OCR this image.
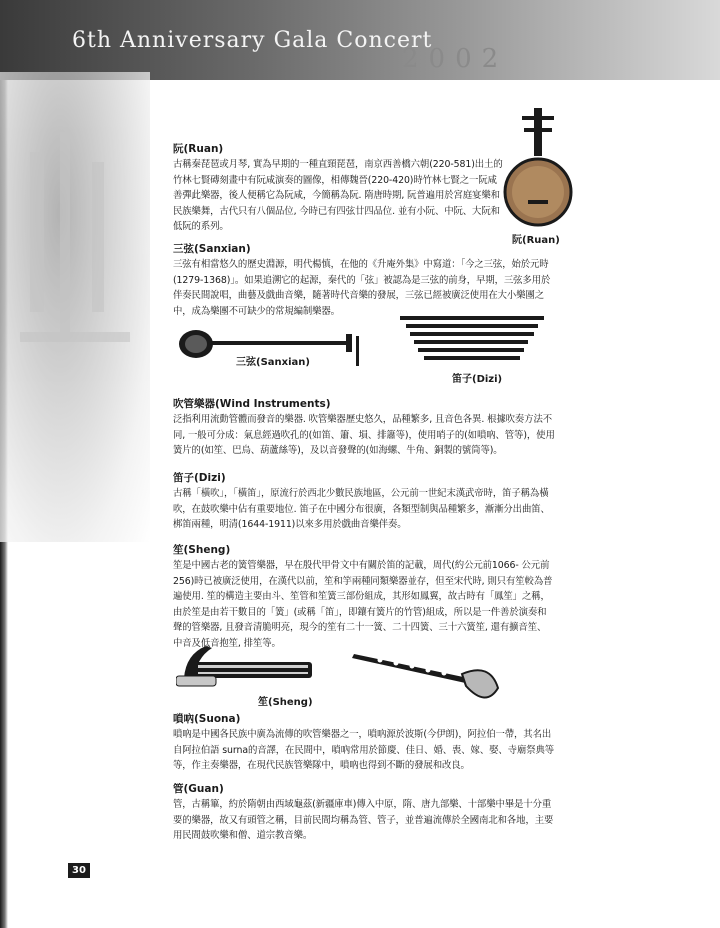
6th Anniversary Gala Concert
2002
阮(Ruan)
古稱秦琵琶或月琴, 實為早期的一種直頸琵琶，南京西善橋六朝(220-581)出土的竹林七賢磚刻畫中有阮咸演奏的圖像，相傳魏晉(220-420)時竹林七賢之一阮咸善彈此樂器，後人便稱它為阮咸，今簡稱為阮. 隋唐時期, 阮普遍用於宮庭宴樂和民族樂舞，古代只有八個品位, 今時已有四弦廿四品位. 並有小阮、中阮、大阮和低阮的系列。
阮(Ruan)
三弦(Sanxian)
三弦有相當悠久的歷史淵源，明代楊慎，在他的《升庵外集》中寫道：「今之三弦，始於元時(1279-1368)」。如果追溯它的起源，秦代的「弦」被認為是三弦的前身，早期，三弦多用於伴奏民間說唱，曲藝及戲曲音樂，隨著時代音樂的發展，三弦已經被廣泛使用在大小樂團之中，成為樂團不可缺少的常規編制樂器。
三弦(Sanxian)
笛子(Dizi)
吹管樂器(Wind Instruments)
泛指利用流動管體而發音的樂器. 吹管樂器歷史悠久，品種繁多, 且音色各異. 根據吹奏方法不同, 一般可分成：氣息經過吹孔的(如笛、簫、塤、排簫等)，使用哨子的(如嗩吶、管等)，使用簧片的(如笙、巴烏、葫蘆絲等)，及以音發聲的(如海螺、牛角、銅製的號筒等)。
笛子(Dizi)
古稱「橫吹」，「橫笛」，原流行於西北少數民族地區，公元前一世紀末漢武帝時，笛子稱為橫吹，在鼓吹樂中佔有重要地位. 笛子在中國分布很廣，各類型制與品種繁多，漸漸分出曲笛、梆笛兩種，明清(1644-1911)以來多用於戲曲音樂伴奏。
笙(Sheng)
笙是中國古老的簧管樂器，早在殷代甲骨文中有關於笛的記載，周代(約公元前1066- 公元前256)時已被廣泛使用，在漢代以前，笙和竽兩種同類樂器並存，但至宋代時, 則只有笙較為普遍使用. 笙的構造主要由斗、笙管和笙簧三部份組成，其形如鳳翼，故古時有「鳳笙」之稱，由於笙是由若干數目的「簧」(或稱「笛」，即鑲有簧片的竹管)組成，所以是一件善於演奏和聲的管樂器, 且發音清脆明亮，現今的笙有二十一簧、二十四簧、三十六簧笙, 還有擴音笙、中音及低音抱笙, 排笙等。
笙(Sheng)
嗩吶(Suona)
嗩吶是中國各民族中廣為流傳的吹管樂器之一，嗩吶源於波斯(今伊朗)，阿拉伯一帶，其名出自阿拉伯語 surna的音譯，在民間中，嗩吶常用於節慶、佳日、婚、喪、嫁、娶、寺廟祭典等等，作主奏樂器，在現代民族管樂隊中，嗩吶也得到不斷的發展和改良。
管(Guan)
管，古稱篳，約於隋朝由西域龜茲(新疆庫車)傳入中原，隋、唐九部樂、十部樂中畢是十分重要的樂器，故又有頭管之稱，目前民間均稱為管、管子，並普遍流傳於全國南北和各地，主要用民間鼓吹樂和僧、道宗教音樂。
30
